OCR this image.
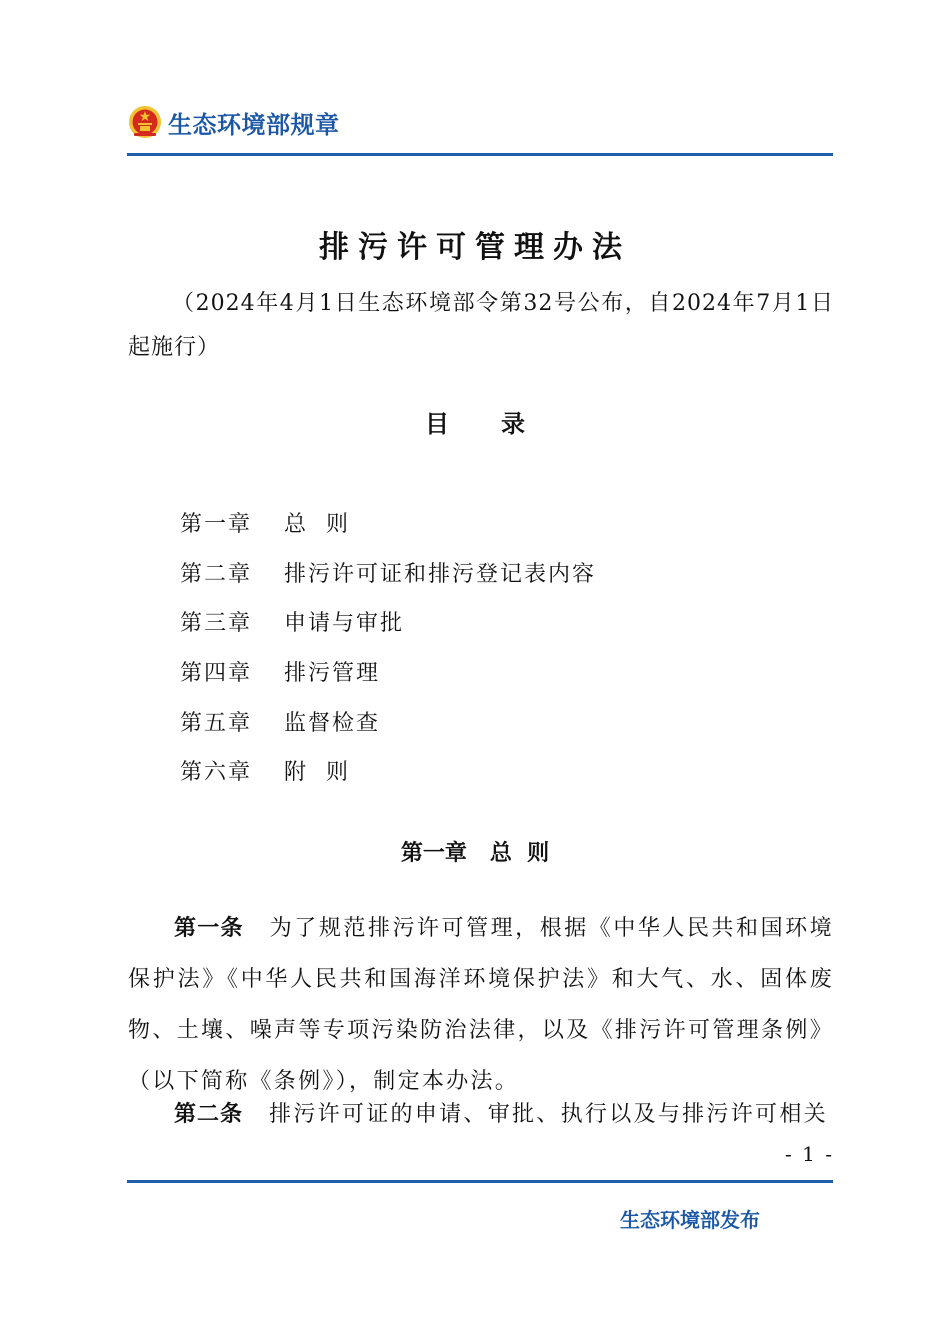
生态环境部规章
排污许可管理办法
（2024年4月1日生态环境部令第32号公布，自2024年7月1日起施行）
目 录
第一章	总  则
第二章	排污许可证和排污登记表内容
第三章	申请与审批
第四章	排污管理
第五章	监督检查
第六章	附  则
第一章   总  则
第一条 为了规范排污许可管理，根据《中华人民共和国环境保护法》《中华人民共和国海洋环境保护法》和大气、水、固体废物、土壤、噪声等专项污染防治法律，以及《排污许可管理条例》（以下简称《条例》），制定本办法。
第二条 排污许可证的申请、审批、执行以及与排污许可相关
- 1 -
生态环境部发布
